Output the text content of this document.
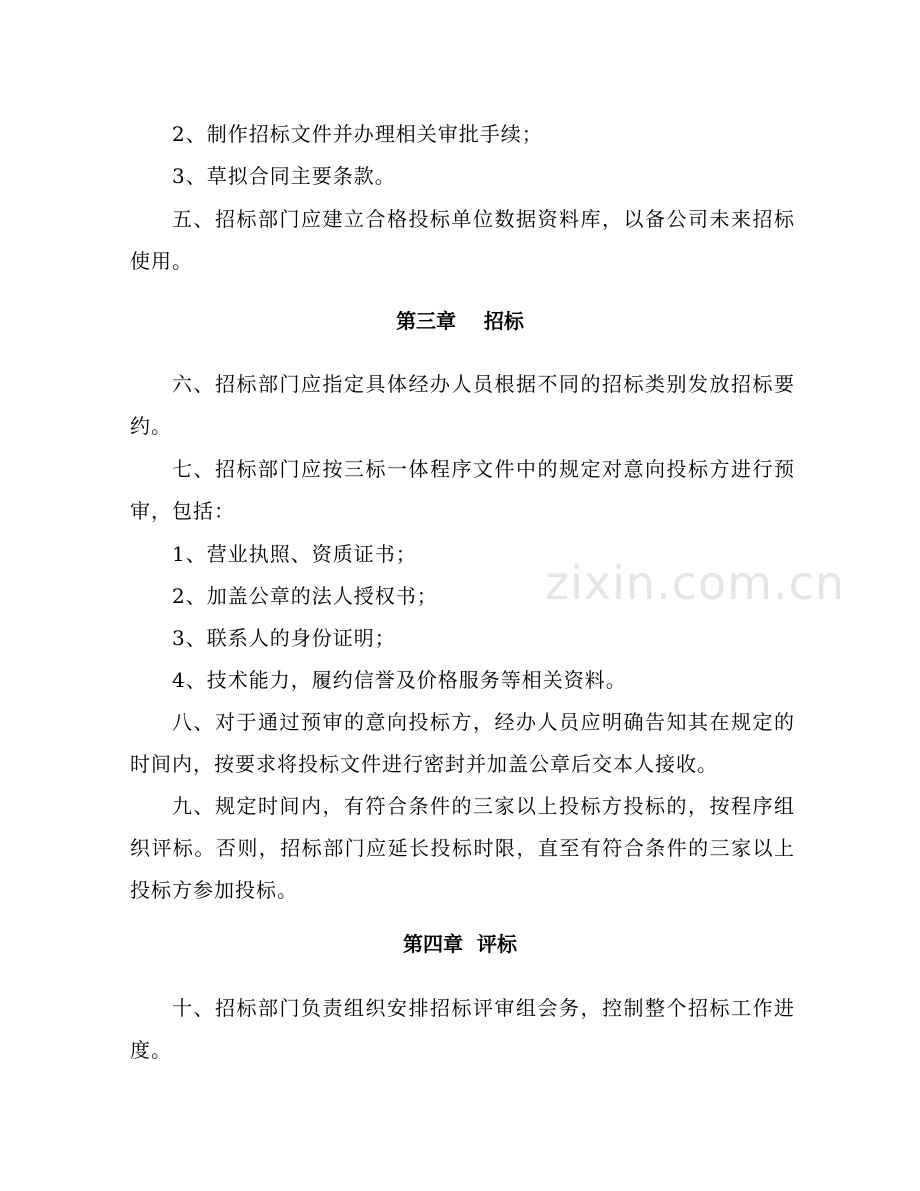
2、制作招标文件并办理相关审批手续；
3、草拟合同主要条款。
五、招标部门应建立合格投标单位数据资料库，以备公司未来招标
使用。
第三章    招标
六、招标部门应指定具体经办人员根据不同的招标类别发放招标要
约。
七、招标部门应按三标一体程序文件中的规定对意向投标方进行预
审，包括：
1、营业执照、资质证书；
2、加盖公章的法人授权书；
3、联系人的身份证明；
4、技术能力，履约信誉及价格服务等相关资料。
八、对于通过预审的意向投标方，经办人员应明确告知其在规定的
时间内，按要求将投标文件进行密封并加盖公章后交本人接收。
九、规定时间内，有符合条件的三家以上投标方投标的，按程序组
织评标。否则，招标部门应延长投标时限，直至有符合条件的三家以上
投标方参加投标。
第四章  评标
十、招标部门负责组织安排招标评审组会务，控制整个招标工作进
度。
zixin.com.cn
